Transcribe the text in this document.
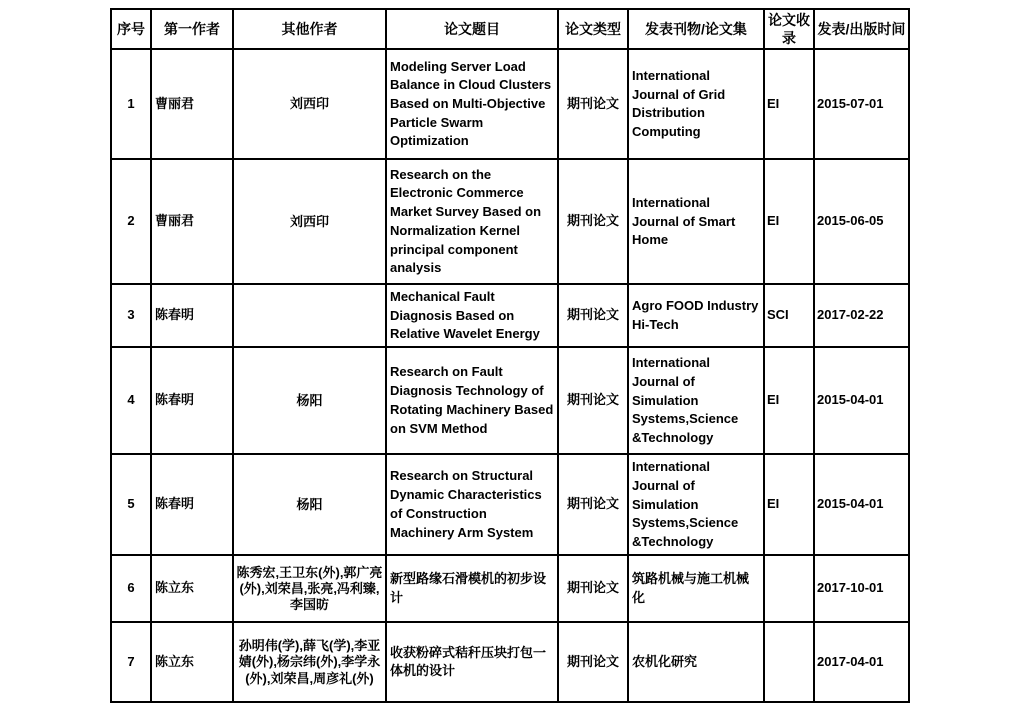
序号	第一作者	其他作者	论文题目	论文类型	发表刊物/论文集	论文收录	发表/出版时间
1	曹丽君	刘西印	Modeling Server Load Balance in Cloud Clusters Based on Multi-Objective Particle Swarm Optimization	期刊论文	International Journal of Grid Distribution Computing	EI	2015-07-01
2	曹丽君	刘西印	Research on the Electronic Commerce Market Survey Based on Normalization Kernel principal component analysis	期刊论文	International Journal of Smart Home	EI	2015-06-05
3	陈春明		Mechanical Fault Diagnosis Based on Relative Wavelet Energy	期刊论文	Agro FOOD Industry Hi-Tech	SCI	2017-02-22
4	陈春明	杨阳	Research on Fault Diagnosis Technology of Rotating Machinery Based on SVM Method	期刊论文	International Journal of Simulation Systems,Science &Technology	EI	2015-04-01
5	陈春明	杨阳	Research on Structural Dynamic Characteristics of Construction Machinery Arm System	期刊论文	International Journal of Simulation Systems,Science &Technology	EI	2015-04-01
6	陈立东	陈秀宏,王卫东(外),郭广亮(外),刘荣昌,张亮,冯利臻,李国昉	新型路缘石滑模机的初步设计	期刊论文	筑路机械与施工机械化		2017-10-01
7	陈立东	孙明伟(学),薛飞(学),李亚婧(外),杨宗纬(外),李学永(外),刘荣昌,周彦礼(外)	收获粉碎式秸秆压块打包一体机的设计	期刊论文	农机化研究		2017-04-01
